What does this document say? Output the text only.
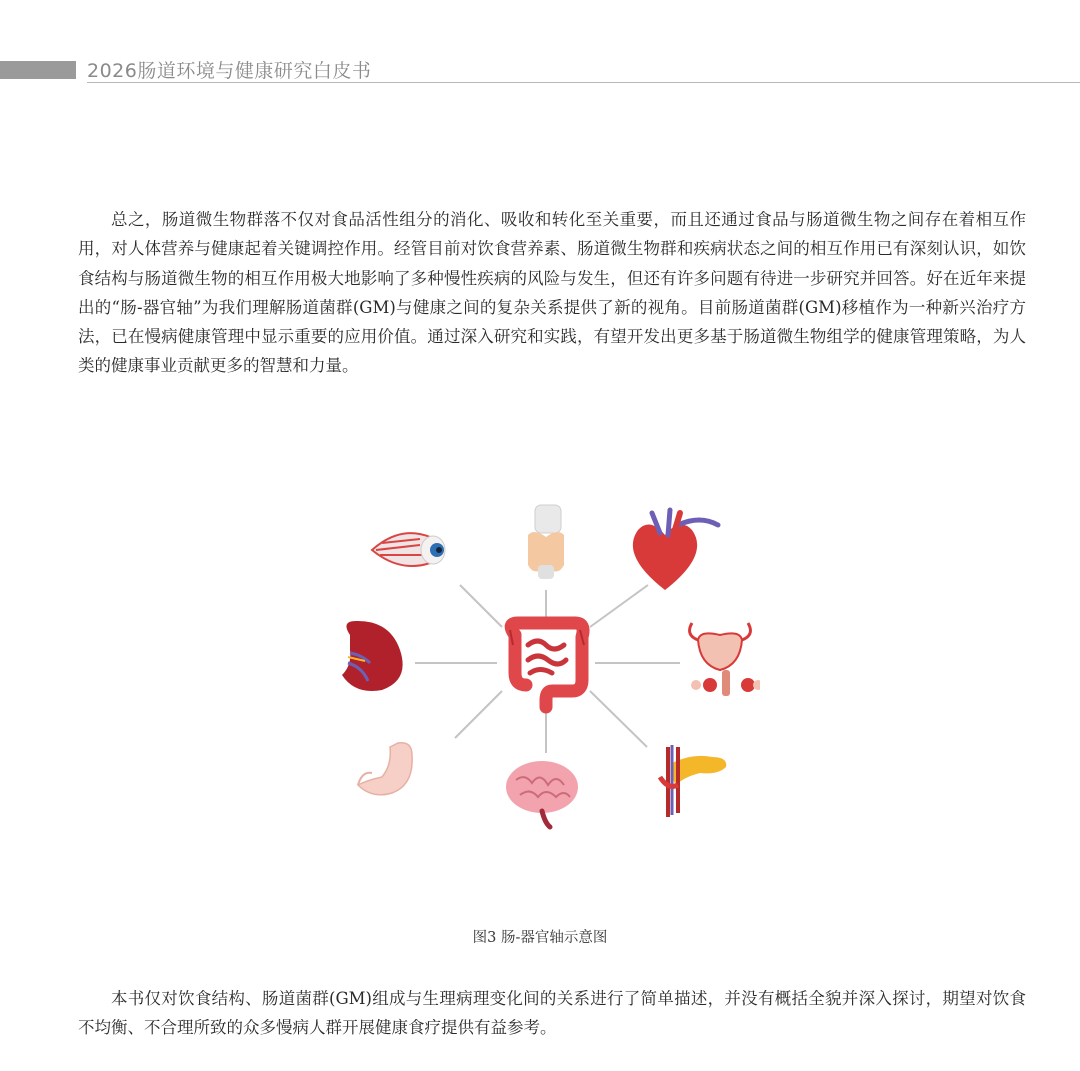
2026肠道环境与健康研究白皮书

总之，肠道微生物群落不仅对食品活性组分的消化、吸收和转化至关重要，而且还通过食品与肠道微生物之间存在着相互作用，对人体营养与健康起着关键调控作用。经管目前对饮食营养素、肠道微生物群和疾病状态之间的相互作用已有深刻认识，如饮食结构与肠道微生物的相互作用极大地影响了多种慢性疾病的风险与发生，但还有许多问题有待进一步研究并回答。好在近年来提出的“肠-器官轴”为我们理解肠道菌群(GM)与健康之间的复杂关系提供了新的视角。目前肠道菌群(GM)移植作为一种新兴治疗方法，已在慢病健康管理中显示重要的应用价值。通过深入研究和实践，有望开发出更多基于肠道微生物组学的健康管理策略，为人类的健康事业贡献更多的智慧和力量。

图3 肠-器官轴示意图

本书仅对饮食结构、肠道菌群(GM)组成与生理病理变化间的关系进行了简单描述，并没有概括全貌并深入探讨，期望对饮食不均衡、不合理所致的众多慢病人群开展健康食疗提供有益参考。
